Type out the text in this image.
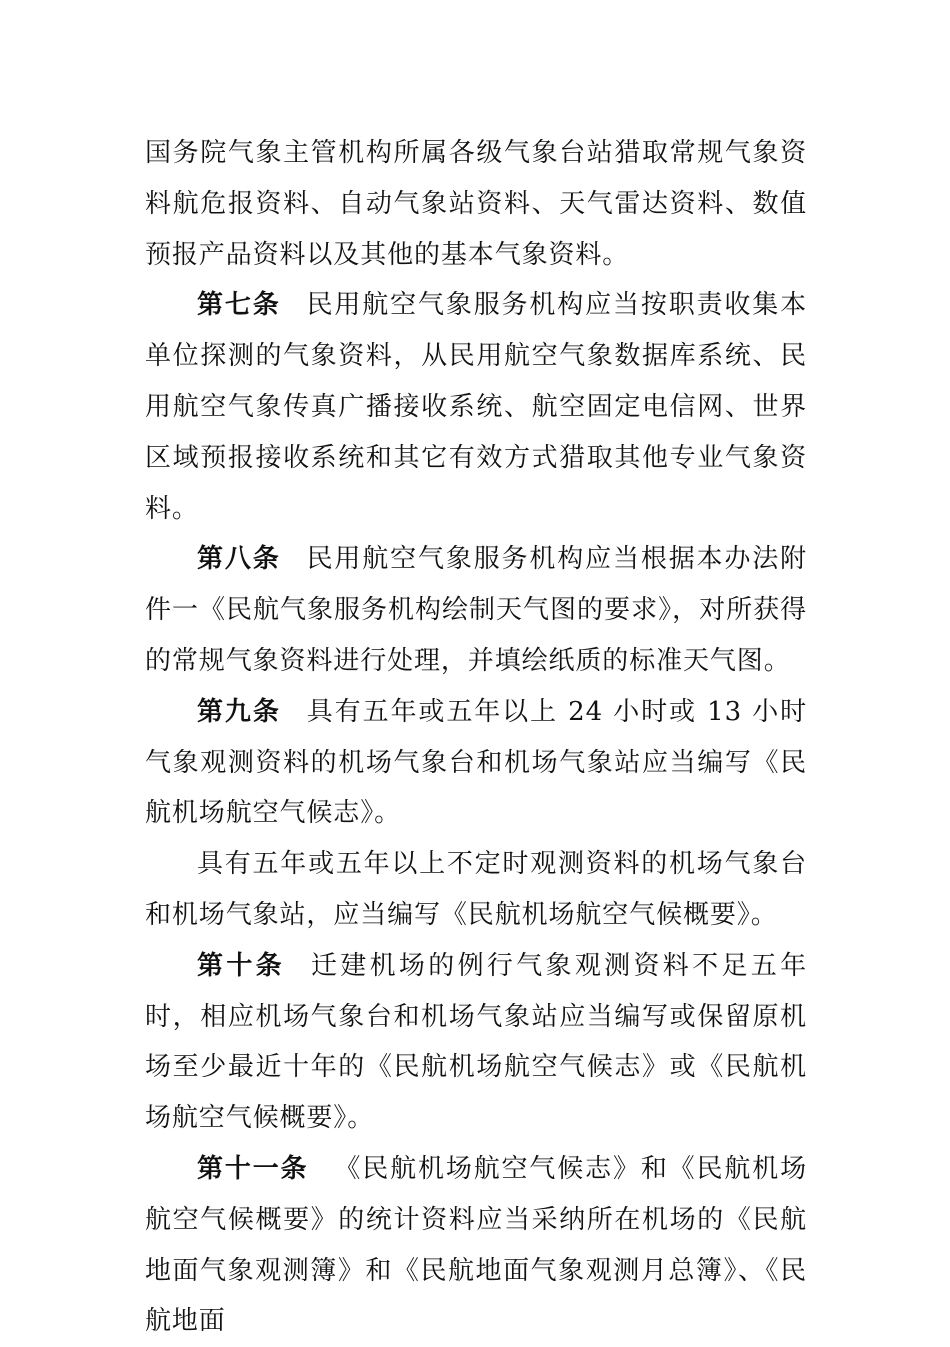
国务院气象主管机构所属各级气象台站猎取常规气象资料航危报资料、自动气象站资料、天气雷达资料、数值预报产品资料以及其他的基本气象资料。

第七条 民用航空气象服务机构应当按职责收集本单位探测的气象资料，从民用航空气象数据库系统、民用航空气象传真广播接收系统、航空固定电信网、世界区域预报接收系统和其它有效方式猎取其他专业气象资料。

第八条 民用航空气象服务机构应当根据本办法附件一《民航气象服务机构绘制天气图的要求》，对所获得的常规气象资料进行处理，并填绘纸质的标准天气图。

第九条 具有五年或五年以上 24 小时或 13 小时气象观测资料的机场气象台和机场气象站应当编写《民航机场航空气候志》。

具有五年或五年以上不定时观测资料的机场气象台和机场气象站，应当编写《民航机场航空气候概要》。

第十条 迁建机场的例行气象观测资料不足五年时，相应机场气象台和机场气象站应当编写或保留原机场至少最近十年的《民航机场航空气候志》或《民航机场航空气候概要》。

第十一条 《民航机场航空气候志》和《民航机场航空气候概要》的统计资料应当采纳所在机场的《民航地面气象观测簿》和《民航地面气象观测月总簿》、《民航地面
